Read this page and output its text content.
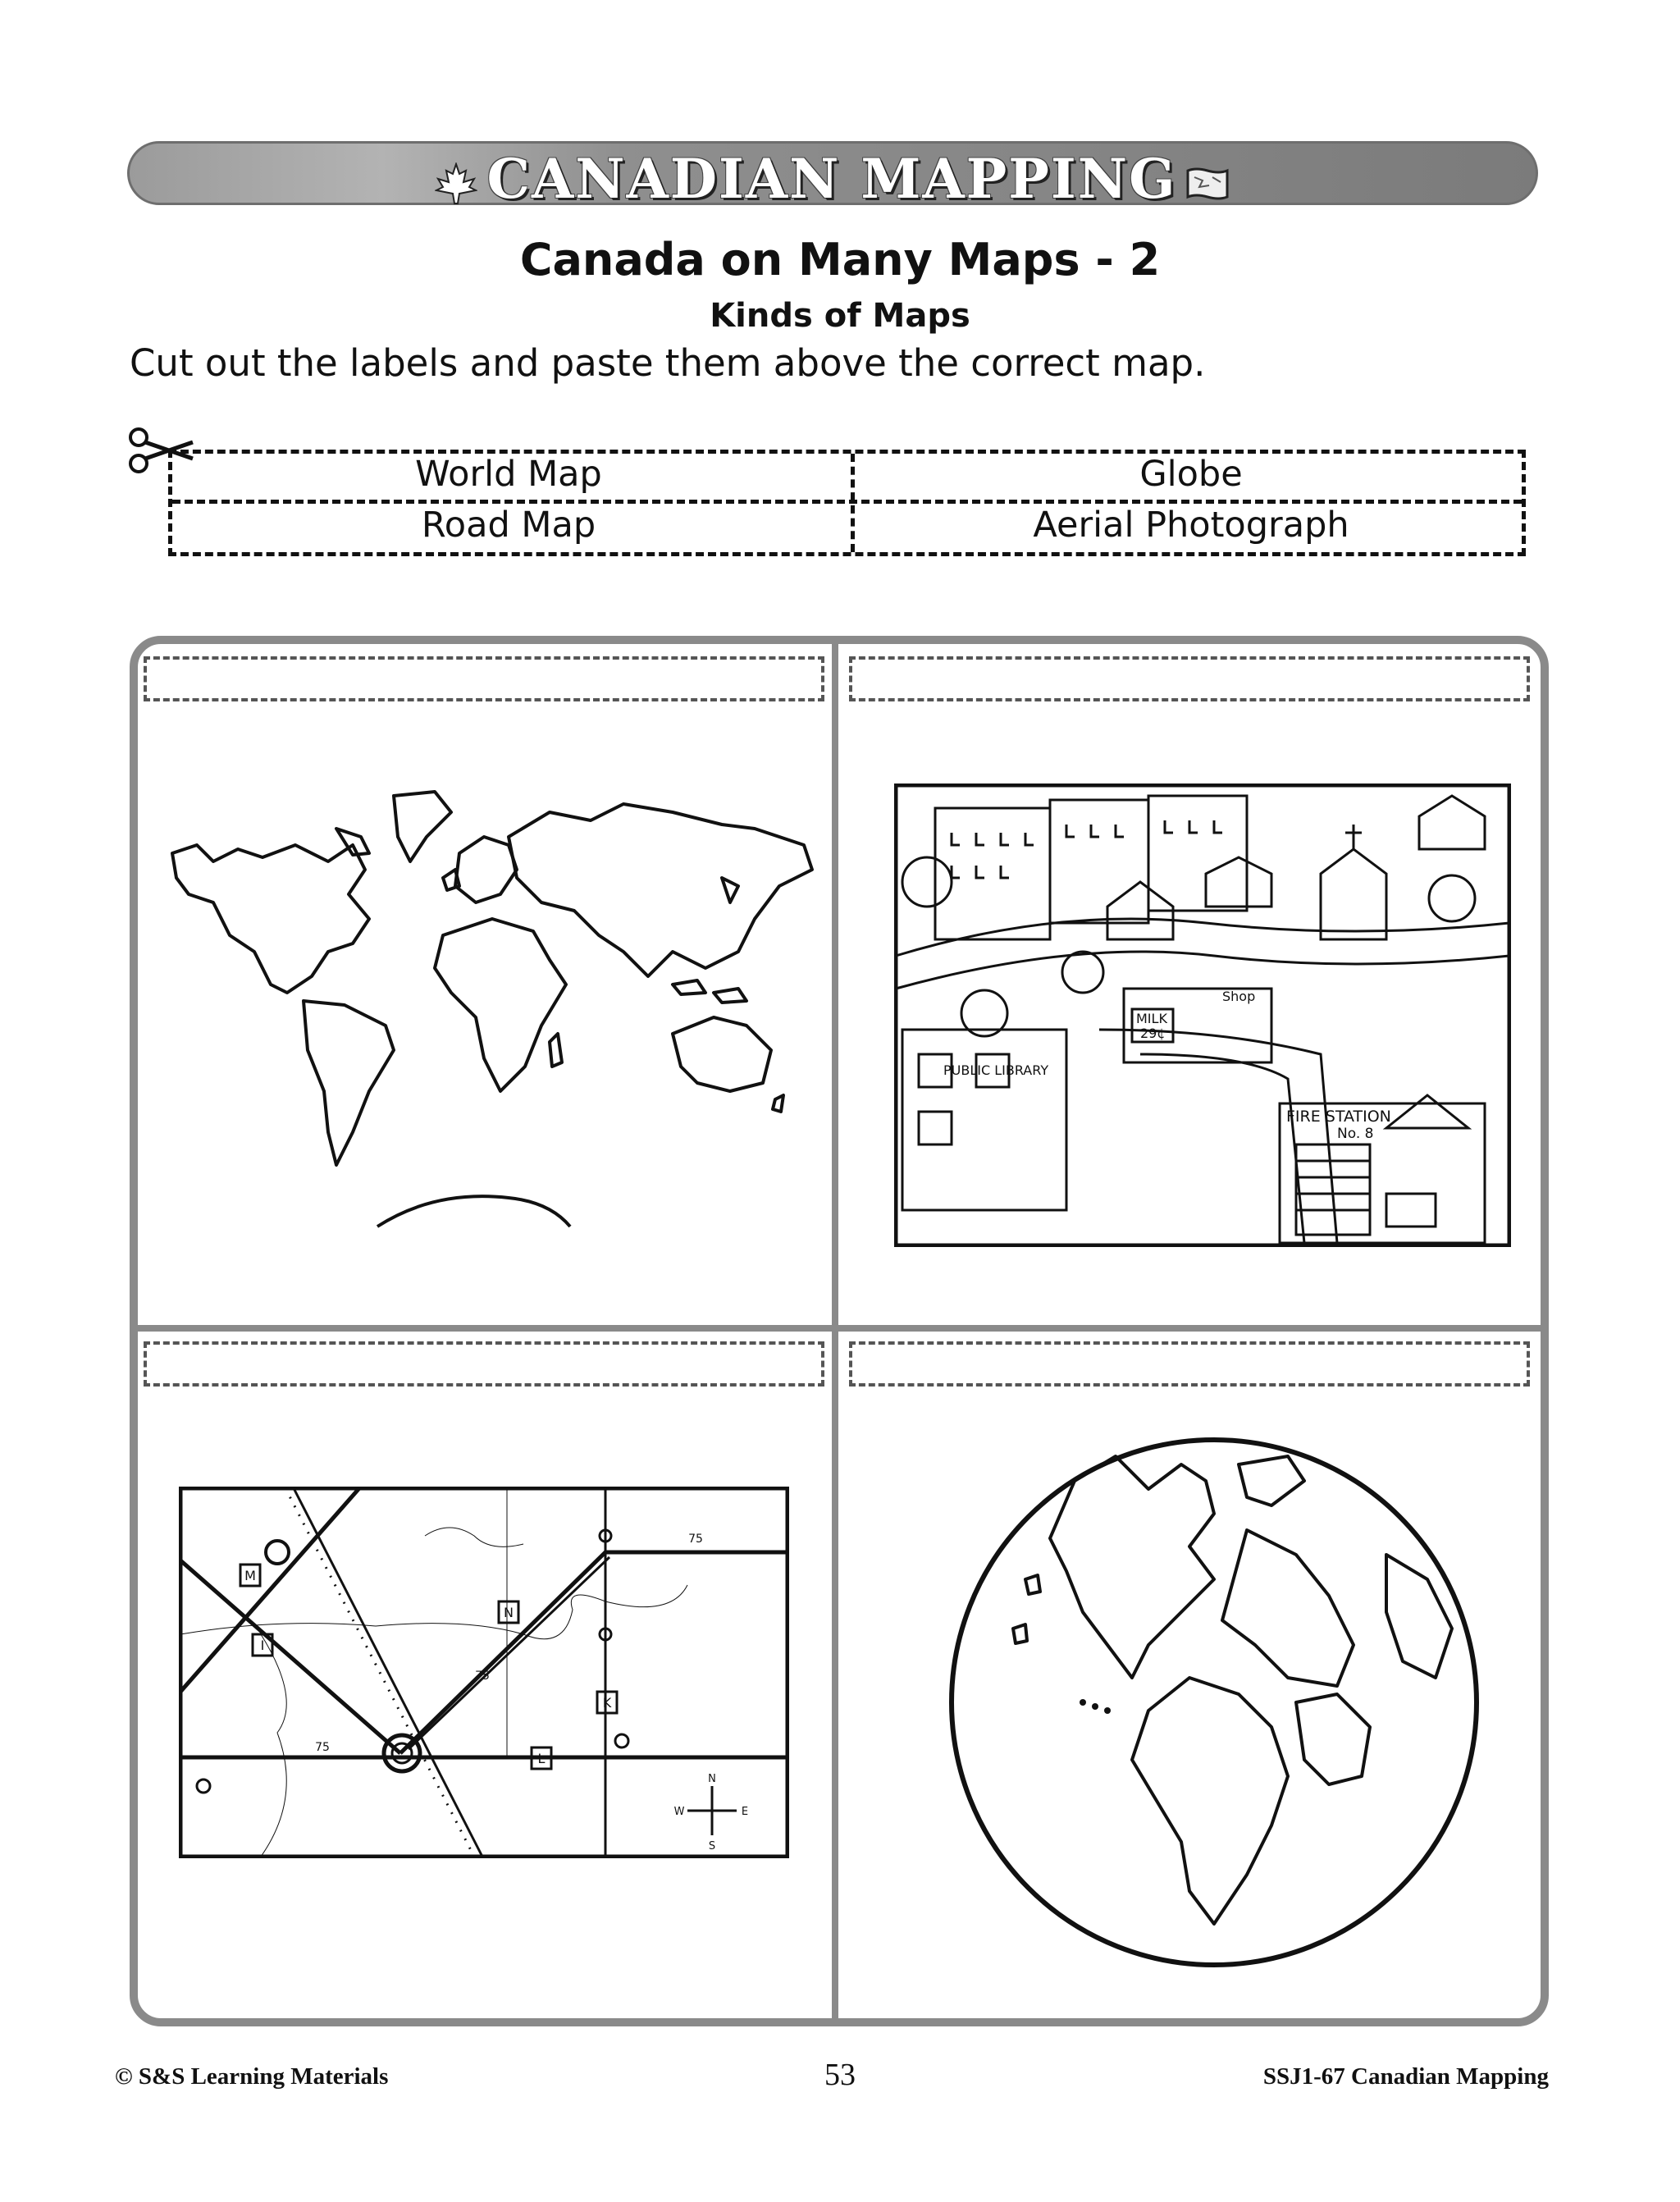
CANADIAN MAPPING
Canada on Many Maps - 2
Kinds of Maps
Cut out the labels and paste them above the correct map.
World Map	Globe
Road Map	Aerial Photograph
PUBLIC LIBRARY
MILK
29¢
Shop
FIRE STATION
No. 8
M
I
N
K
L
75
75
75
N
S
E
W
© S&S Learning Materials	53	SSJ1-67 Canadian Mapping
